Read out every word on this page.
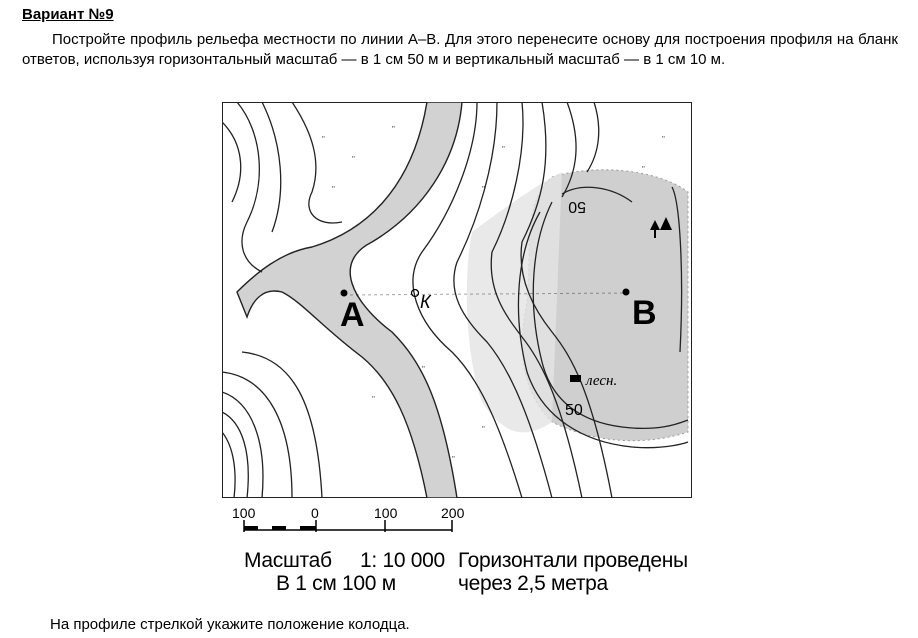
Вариант №9
Постройте профиль рельефа местности по линии А–В. Для этого перенесите основу для построения профиля на бланк ответов, используя горизонтальный масштаб — в 1 см 50 м и вертикальный масштаб — в 1 см 10 м.
А	В
К
50
50
лесн.
"
"
"
"
"
"
"
"
"
"
"
"
100	0	100	200
Масштаб 1: 10 000
В 1 см 100 м
Горизонтали проведены
через 2,5 метра
На профиле стрелкой укажите положение колодца.
